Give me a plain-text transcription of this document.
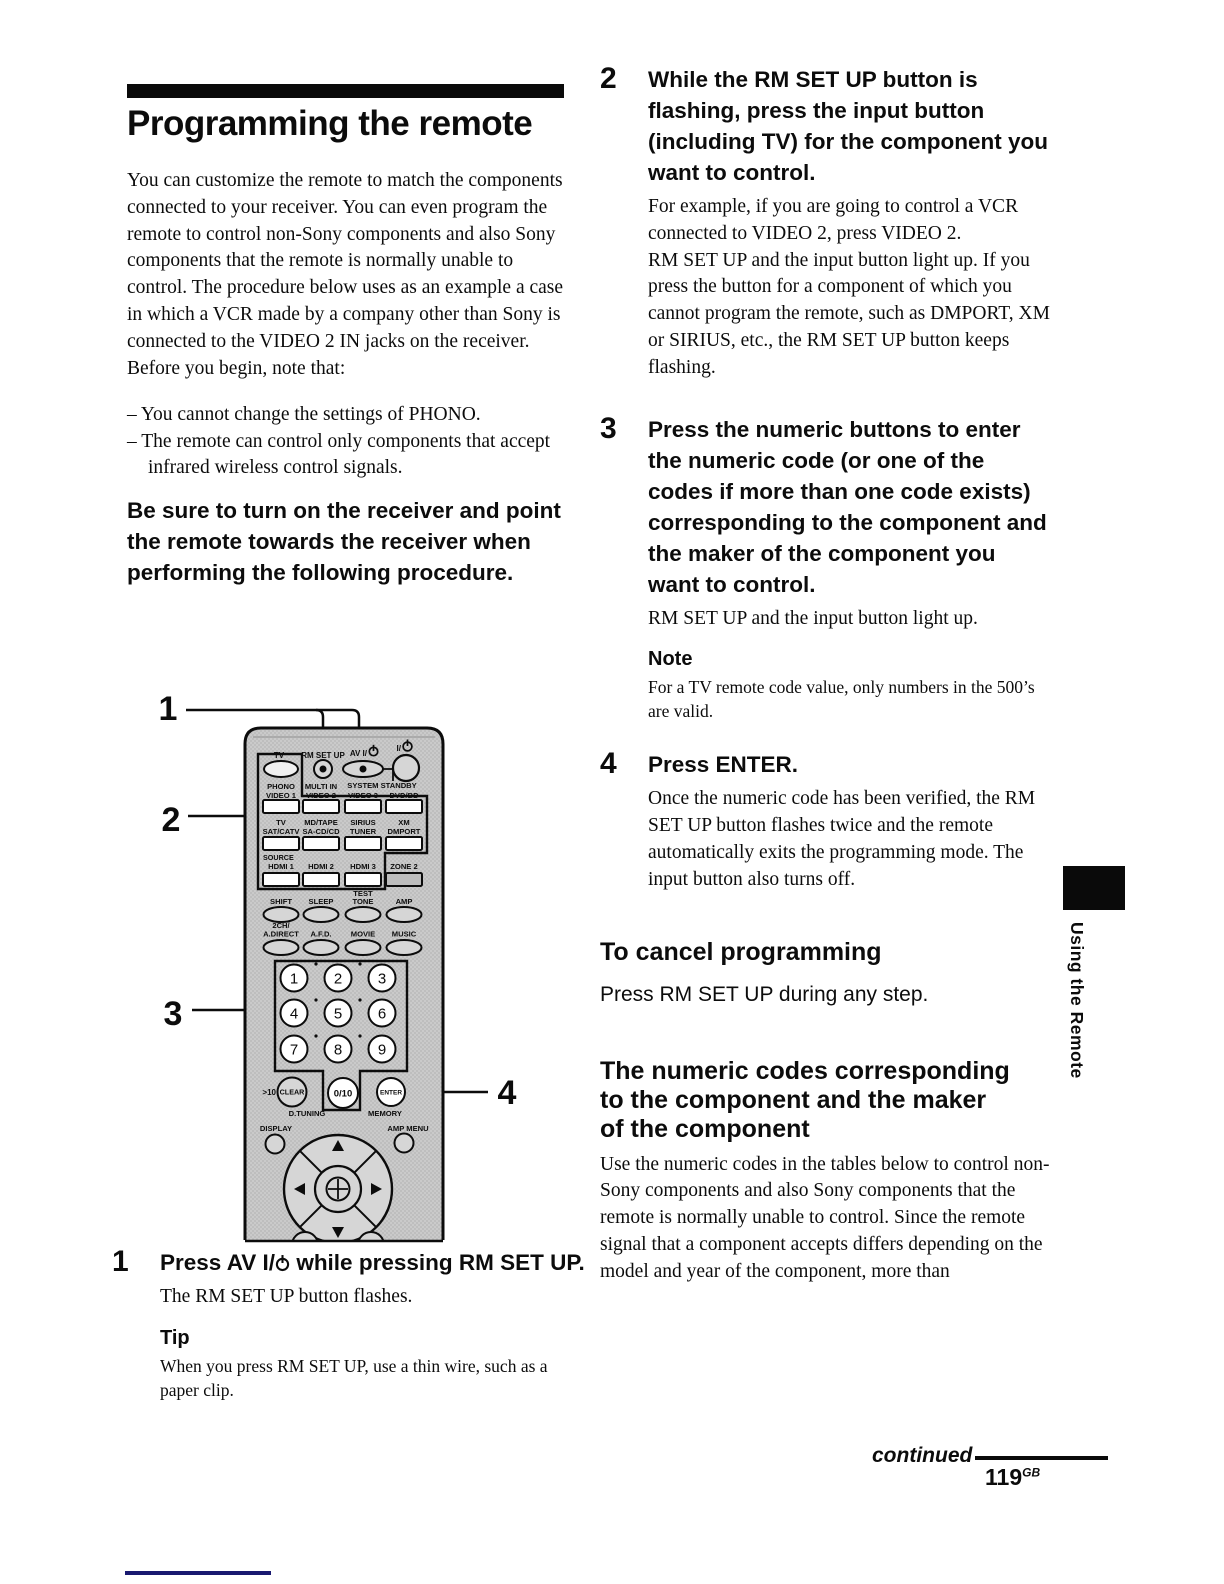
Programming the remote

You can customize the remote to match the components connected to your receiver. You can even program the remote to control non-Sony components and also Sony components that the remote is normally unable to control. The procedure below uses as an example a case in which a VCR made by a company other than Sony is connected to the VIDEO 2 IN jacks on the receiver. Before you begin, note that:

– You cannot change the settings of PHONO.

– The remote can control only components that accept infrared wireless control signals.

Be sure to turn on the receiver and point the remote towards the receiver when performing the following procedure.

1
2
3
4
TV RM SET UP AV I/
I/
PHONO
VIDEO 1
MULTI IN
VIDEO 2
SYSTEM STANDBY
VIDEO 3 DVD/BD
TV
SAT/CATV
MD/TAPE
SA-CD/CD
SIRIUS
TUNER
XM
DMPORT
SOURCE
HDMI 1 HDMI 2 HDMI 3 ZONE 2
SHIFT SLEEP
TEST
TONE	AMP
2CH/
A.DIRECT A.F.D.	MOVIE MUSIC
1 2 3
4 5 6
7 8 9
>10 CLEAR	0/10	ENTER
D.TUNING	MEMORY
DISPLAY	AMP MENU
1	Press AV I/ while pressing RM SET UP.

The RM SET UP button flashes.

Tip

When you press RM SET UP, use a thin wire, such as a paper clip.

2	While the RM SET UP button is flashing, press the input button (including TV) for the component you want to control.

For example, if you are going to control a VCR connected to VIDEO 2, press VIDEO 2.

RM SET UP and the input button light up. If you press the button for a component of which you cannot program the remote, such as DMPORT, XM or SIRIUS, etc., the RM SET UP button keeps flashing.

3	Press the numeric buttons to enter the numeric code (or one of the codes if more than one code exists) corresponding to the component and the maker of the component you want to control.

RM SET UP and the input button light up.

Note

For a TV remote code value, only numbers in the 500’s are valid.

4	Press ENTER.

Once the numeric code has been verified, the RM SET UP button flashes twice and the remote automatically exits the programming mode. The input button also turns off.

To cancel programming

Press RM SET UP during any step.

The numeric codes corresponding to the component and the maker of the component

Use the numeric codes in the tables below to control non-Sony components and also Sony components that the remote is normally unable to control. Since the remote signal that a component accepts differs depending on the model and year of the component, more than

Using the Remote
continued
$119^{GB}$
